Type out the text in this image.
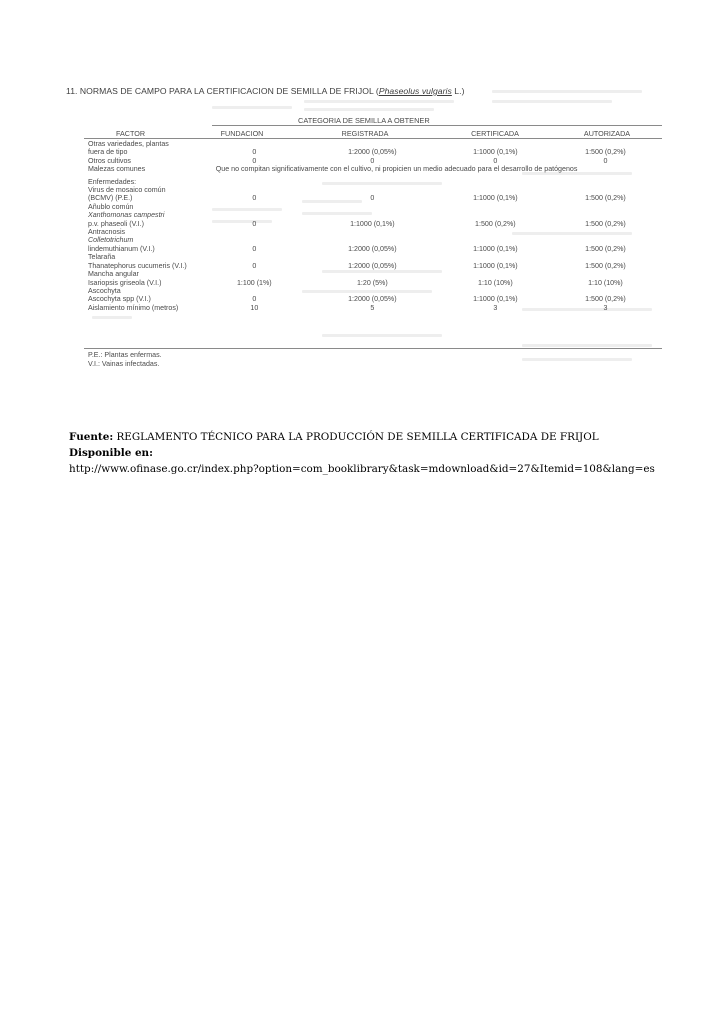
11. NORMAS DE CAMPO PARA LA CERTIFICACION DE SEMILLA DE FRIJOL (Phaseolus vulgaris L.)
CATEGORIA DE SEMILLA A OBTENER
FACTOR	FUNDACION	REGISTRADA	CERTIFICADA	AUTORIZADA
Otras variedades, plantas				
fuera de tipo	0	1:2000 (0,05%)	1:1000 (0,1%)	1:500 (0,2%)
Otros cultivos	0	0	0	0
Malezas comunes	Que no compitan significativamente con el cultivo, ni propicien un medio adecuado para el desarrollo de patógenos			

Enfermedades:				
Virus de mosaico común				
(BCMV) (P.E.)	0	0	1:1000 (0,1%)	1:500 (0,2%)
Añublo común				
Xanthomonas campestri				
p.v. phaseoli (V.I.)	0	1:1000 (0,1%)	1:500 (0,2%)	1:500 (0,2%)
Antracnosis				
Colletotrichum				
lindemuthianum (V.I.)	0	1:2000 (0,05%)	1:1000 (0,1%)	1:500 (0,2%)
Telaraña				
Thanatephorus cucumeris (V.I.)	0	1:2000 (0,05%)	1:1000 (0,1%)	1:500 (0,2%)
Mancha angular				
Isariopsis griseola (V.I.)	1:100 (1%)	1:20 (5%)	1:10 (10%)	1:10 (10%)
Ascochyta				
Ascochyta spp (V.I.)	0	1:2000 (0,05%)	1:1000 (0,1%)	1:500 (0,2%)
Aislamiento mínimo (metros)	10	5	3	3
P.E.: Plantas enfermas.
V.I.: Vainas infectadas.
Fuente: REGLAMENTO TÉCNICO PARA LA PRODUCCIÓN DE SEMILLA CERTIFICADA DE FRIJOL
Disponible en:
http://www.ofinase.go.cr/index.php?option=com_booklibrary&task=mdownload&id=27&Itemid=108&lang=es
